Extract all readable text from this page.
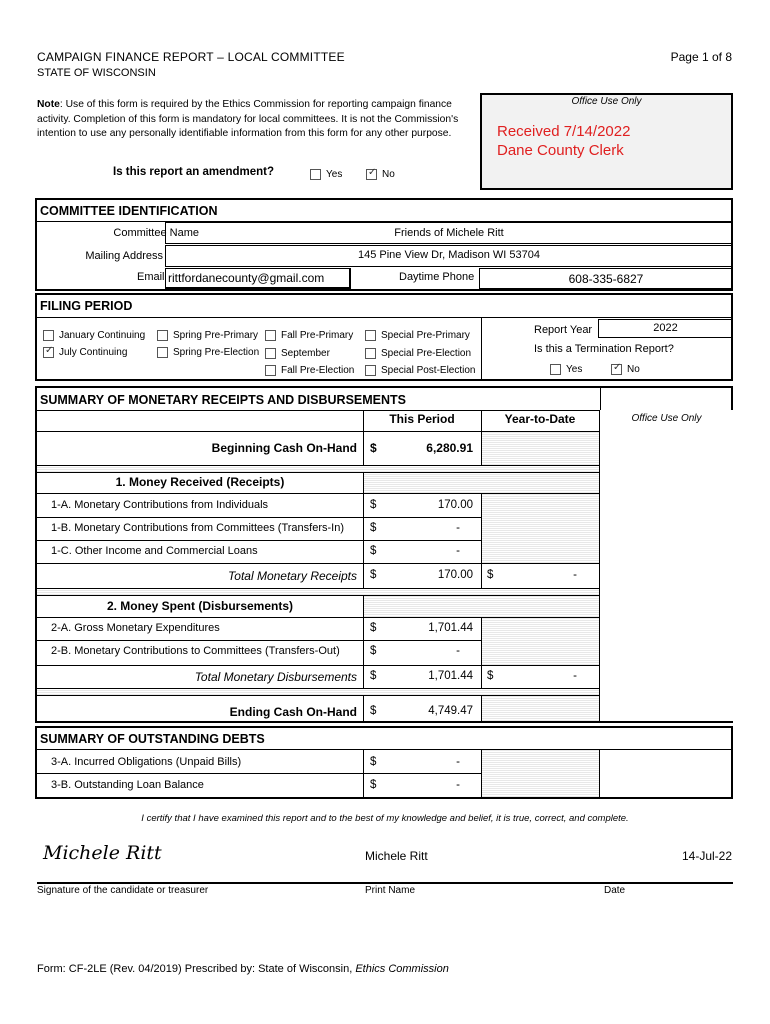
CAMPAIGN FINANCE REPORT – LOCAL COMMITTEE
STATE OF WISCONSIN
Page 1 of 8
Note: Use of this form is required by the Ethics Commission for reporting campaign finance activity. Completion of this form is mandatory for local committees. It is not the Commission's intention to use any personally identifiable information from this form for any other purpose.
Office Use Only
Received 7/14/2022
Dane County Clerk
Is this report an amendment?	Yes ✓	No
COMMITTEE IDENTIFICATION
Committee Name	Friends of Michele Ritt
Mailing Address	145 Pine View Dr, Madison WI 53704
Email rittfordanecounty@gmail.com	Daytime Phone	608-335-6827
FILING PERIOD
January Continuing
✓July Continuing
Spring Pre-Primary
Spring Pre-Election
Fall Pre-Primary
September
Fall Pre-Election
Special Pre-Primary
Special Pre-Election
Special Post-Election
Report Year	2022
Is this a Termination Report?
Yes ✓	No
SUMMARY OF MONETARY RECEIPTS AND DISBURSEMENTS
Office Use Only
This Period	Year-to-Date
Beginning Cash On-Hand $	6,280.91
1. Money Received (Receipts)
1-A. Monetary Contributions from Individuals	$	170.00
1-B. Monetary Contributions from Committees (Transfers-In) $	-
1-C. Other Income and Commercial Loans	$	-
Total Monetary Receipts $	170.00 $	-
2. Money Spent (Disbursements)
2-A. Gross Monetary Expenditures	$	1,701.44
2-B. Monetary Contributions to Committees (Transfers-Out)	$	-
Total Monetary Disbursements $	1,701.44 $	-
Ending Cash On-Hand $	4,749.47
SUMMARY OF OUTSTANDING DEBTS
3-A. Incurred Obligations (Unpaid Bills)	$	-
3-B. Outstanding Loan Balance	$	-
I certify that I have examined this report and to the best of my knowledge and belief, it is true, correct, and complete.
Michele Ritt	Michele Ritt	14-Jul-22
Signature of the candidate or treasurer	Print Name	Date
Form: CF-2LE (Rev. 04/2019) Prescribed by: State of Wisconsin, Ethics Commission
